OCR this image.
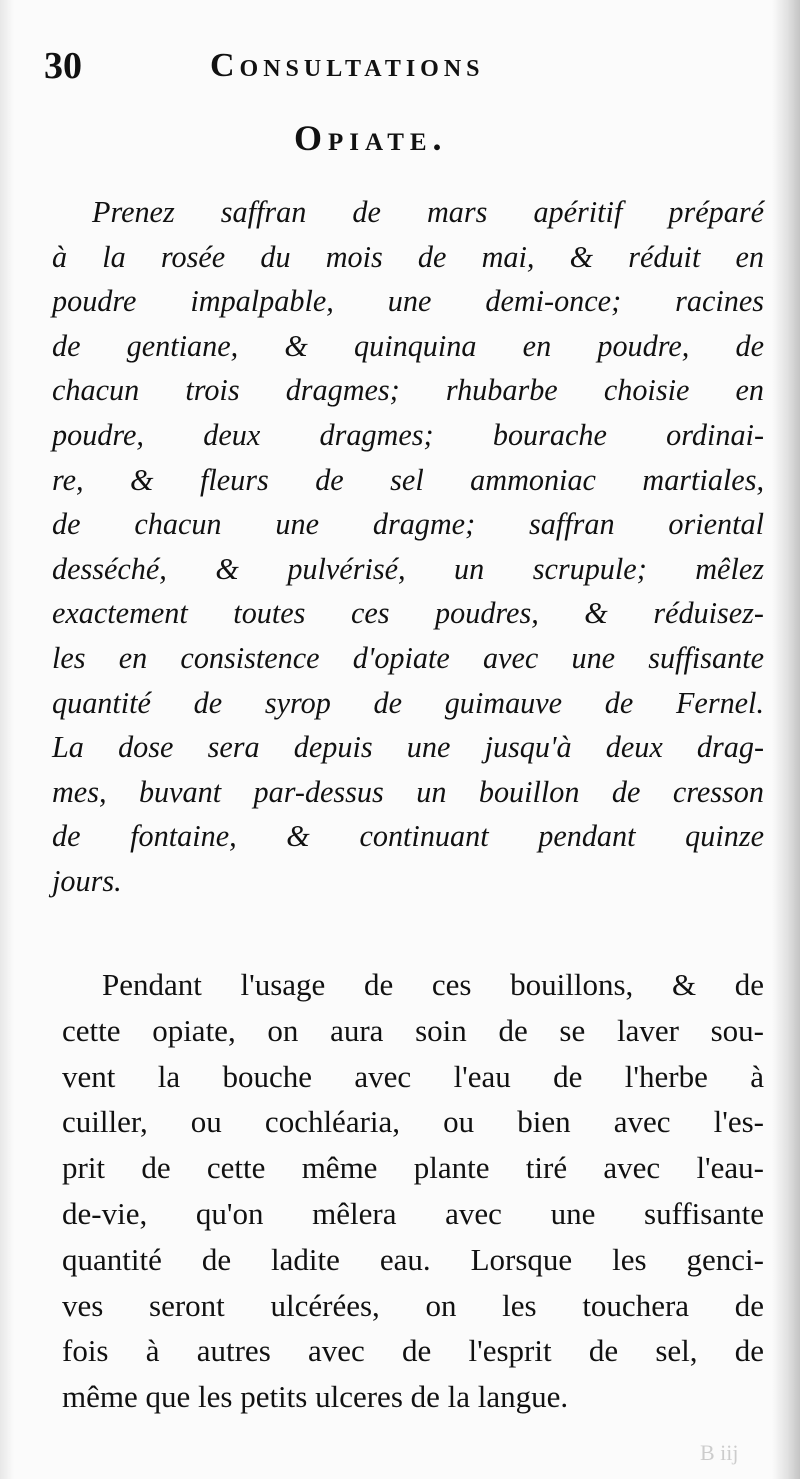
30	Consultations
Opiate.
Prenez saffran de mars apéritif préparé
à la rosée du mois de mai, & réduit en
poudre impalpable, une demi-once; racines
de gentiane, & quinquina en poudre, de
chacun trois dragmes; rhubarbe choisie en
poudre, deux dragmes; bourache ordinai-
re, & fleurs de sel ammoniac martiales,
de chacun une dragme; saffran oriental
desséché, & pulvérisé, un scrupule; mêlez
exactement toutes ces poudres, & réduisez-
les en consistence d'opiate avec une suffisante
quantité de syrop de guimauve de Fernel.
La dose sera depuis une jusqu'à deux drag-
mes, buvant par-dessus un bouillon de cresson
de fontaine, & continuant pendant quinze
jours.
Pendant l'usage de ces bouillons, & de
cette opiate, on aura soin de se laver sou-
vent la bouche avec l'eau de l'herbe à
cuiller, ou cochléaria, ou bien avec l'es-
prit de cette même plante tiré avec l'eau-
de-vie, qu'on mêlera avec une suffisante
quantité de ladite eau. Lorsque les genci-
ves seront ulcérées, on les touchera de
fois à autres avec de l'esprit de sel, de
même que les petits ulceres de la langue.
B iij
